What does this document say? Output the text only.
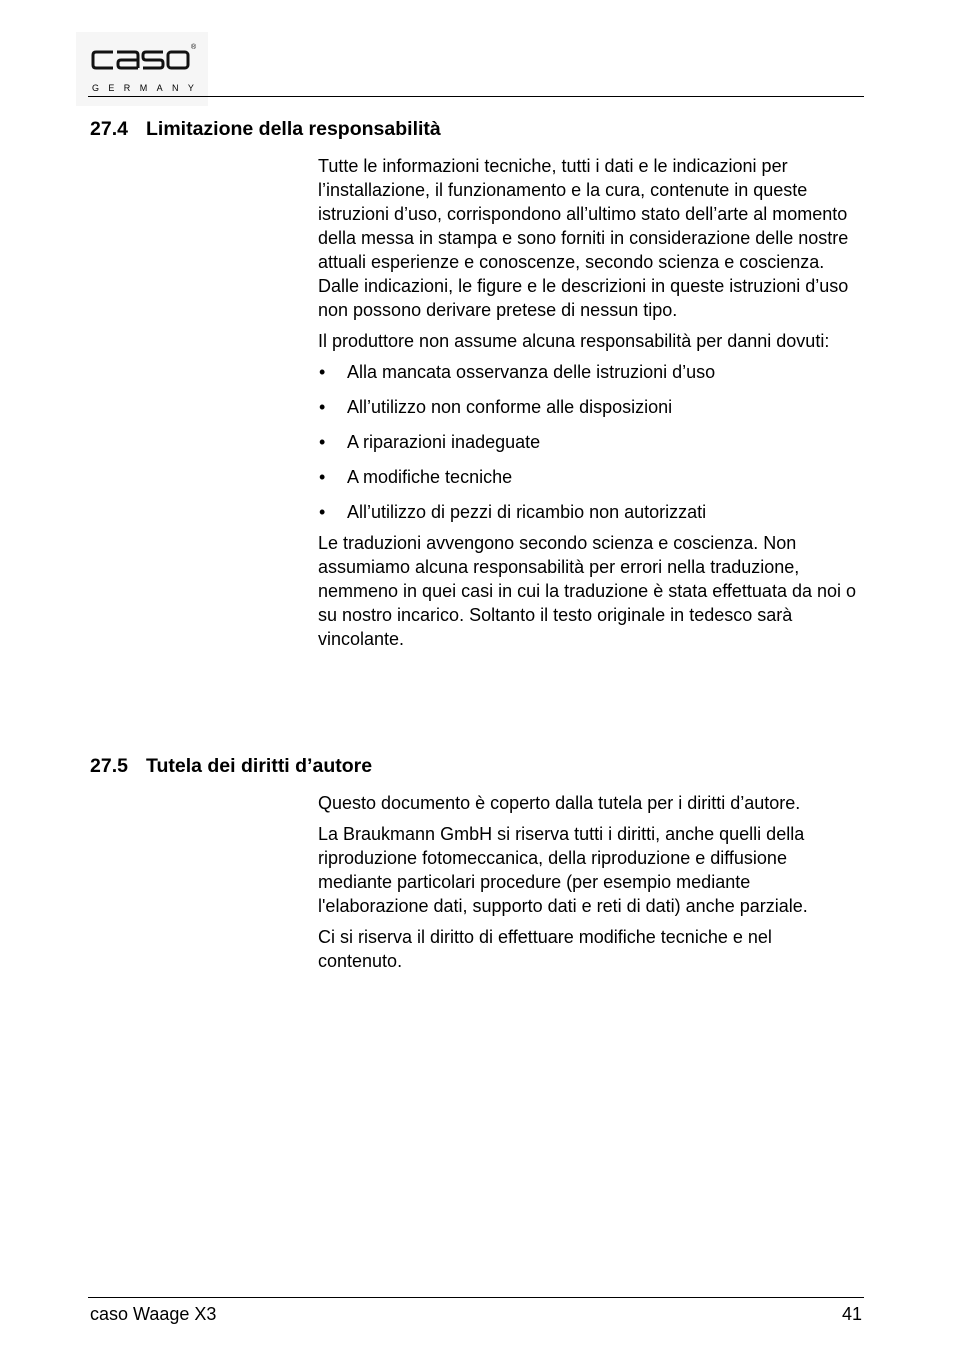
®
GERMANY
27.4 Limitazione della responsabilità

Tutte le informazioni tecniche, tutti i dati e le indicazioni per l’installazione, il funzionamento e la cura, contenute in queste istruzioni d’uso, corrispondono all’ultimo stato dell’arte al momento della messa in stampa e sono forniti in considerazione delle nostre attuali esperienze e conoscenze, secondo scienza e coscienza.
Dalle indicazioni, le figure e le descrizioni in queste istruzioni d’uso non possono derivare pretese di nessun tipo.

Il produttore non assume alcuna responsabilità per danni dovuti:

• Alla mancata osservanza delle istruzioni d’uso
• All’utilizzo non conforme alle disposizioni
• A riparazioni inadeguate
• A modifiche tecniche
• All’utilizzo di pezzi di ricambio non autorizzati

Le traduzioni avvengono secondo scienza e coscienza. Non assumiamo alcuna responsabilità per errori nella traduzione, nemmeno in quei casi in cui la traduzione è stata effettuata da noi o su nostro incarico. Soltanto il testo originale in tedesco sarà vincolante.

27.5 Tutela dei diritti d’autore

Questo documento è coperto dalla tutela per i diritti d’autore.

La Braukmann GmbH si riserva tutti i diritti, anche quelli della riproduzione fotomeccanica, della riproduzione e diffusione mediante particolari procedure (per esempio mediante l'elaborazione dati, supporto dati e reti di dati) anche parziale.

Ci si riserva il diritto di effettuare modifiche tecniche e nel contenuto.

caso Waage X3	41
